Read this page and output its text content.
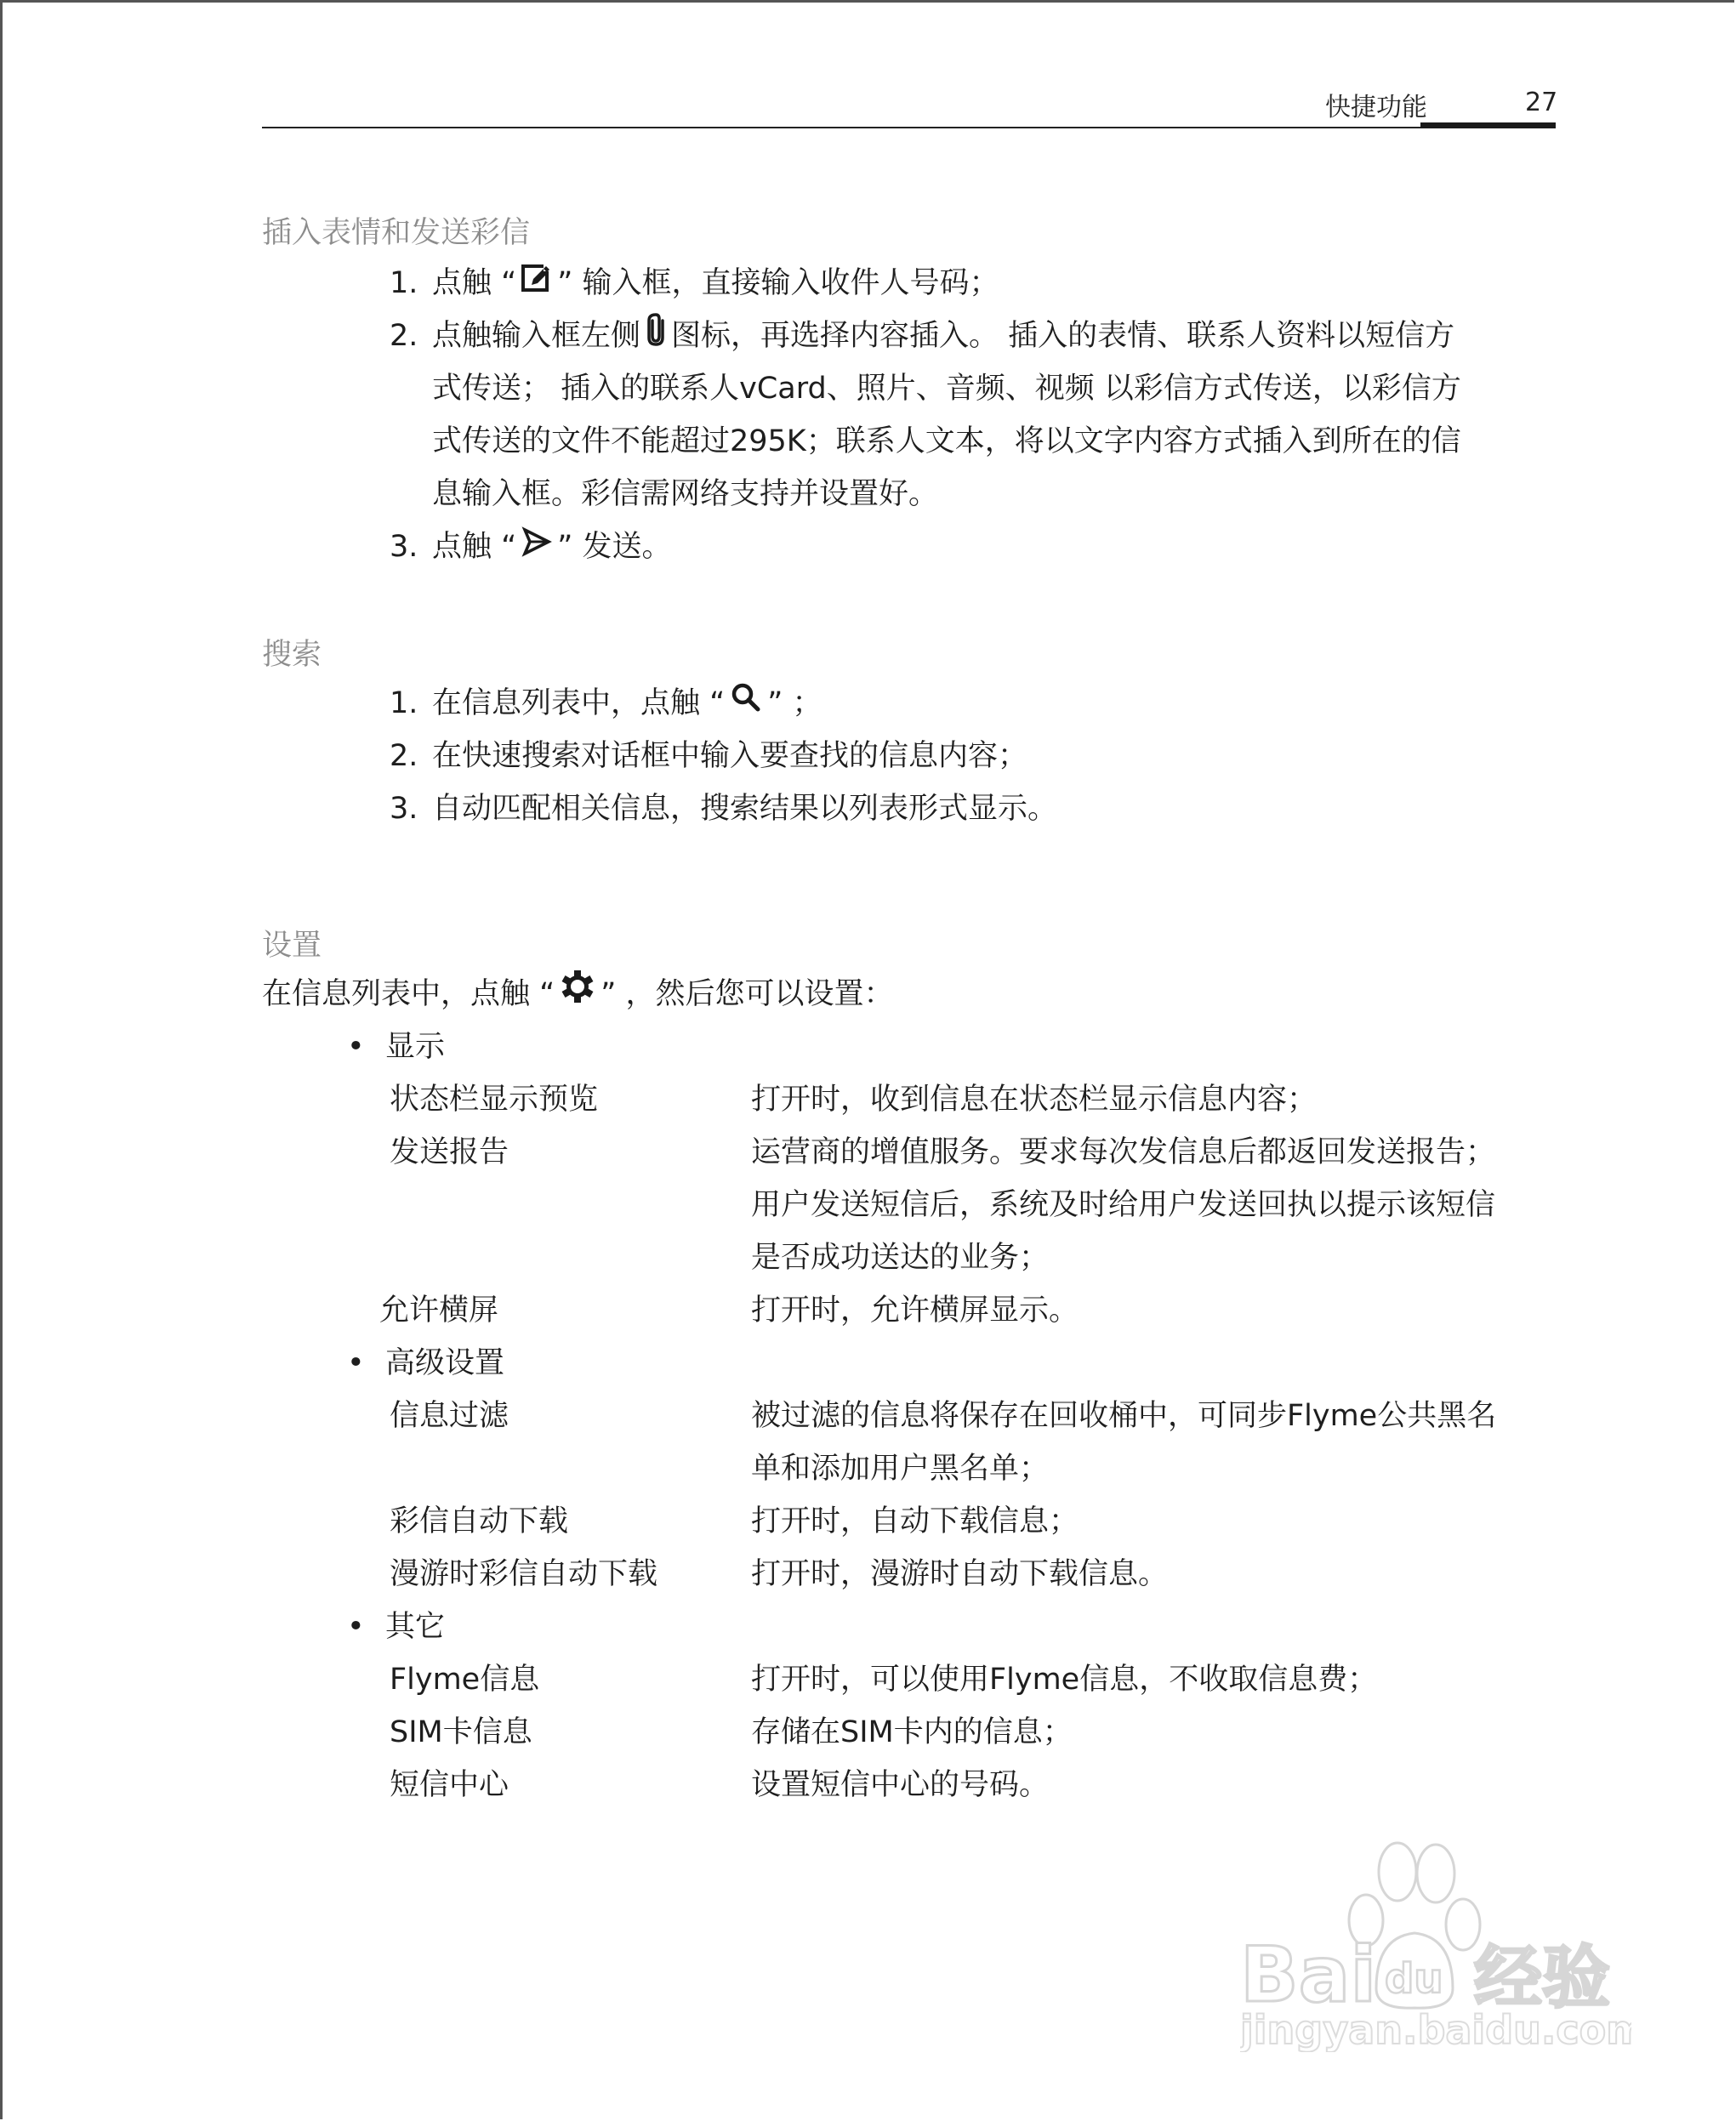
快捷功能	27
插入表情和发送彩信
1. 点触 “ ” 输入框，直接输入收件人号码；
2. 点触输入框左侧 图标，再选择内容插入。 插入的表情、联系人资料以短信方
式传送； 插入的联系人vCard、照片、音频、视频 以彩信方式传送，以彩信方
式传送的文件不能超过295K；联系人文本，将以文字内容方式插入到所在的信
息输入框。彩信需网络支持并设置好。
3. 点触 “ ” 发送。
搜索
1. 在信息列表中，点触 “ ” ；
2. 在快速搜索对话框中输入要查找的信息内容；
3. 自动匹配相关信息，搜索结果以列表形式显示。
设置
在信息列表中，点触 “ ” ，然后您可以设置：
• 显示
状态栏显示预览	打开时，收到信息在状态栏显示信息内容；
发送报告	运营商的增值服务。要求每次发信息后都返回发送报告；
用户发送短信后，系统及时给用户发送回执以提示该短信
是否成功送达的业务；
允许横屏	打开时，允许横屏显示。
• 高级设置
信息过滤	被过滤的信息将保存在回收桶中，可同步Flyme公共黑名
单和添加用户黑名单；
彩信自动下载	打开时，自动下载信息；
漫游时彩信自动下载	打开时，漫游时自动下载信息。
• 其它
Flyme信息	打开时，可以使用Flyme信息，不收取信息费；
SIM卡信息	存储在SIM卡内的信息；
短信中心	设置短信中心的号码。
Bai du 经验
jingyan.baidu.com
